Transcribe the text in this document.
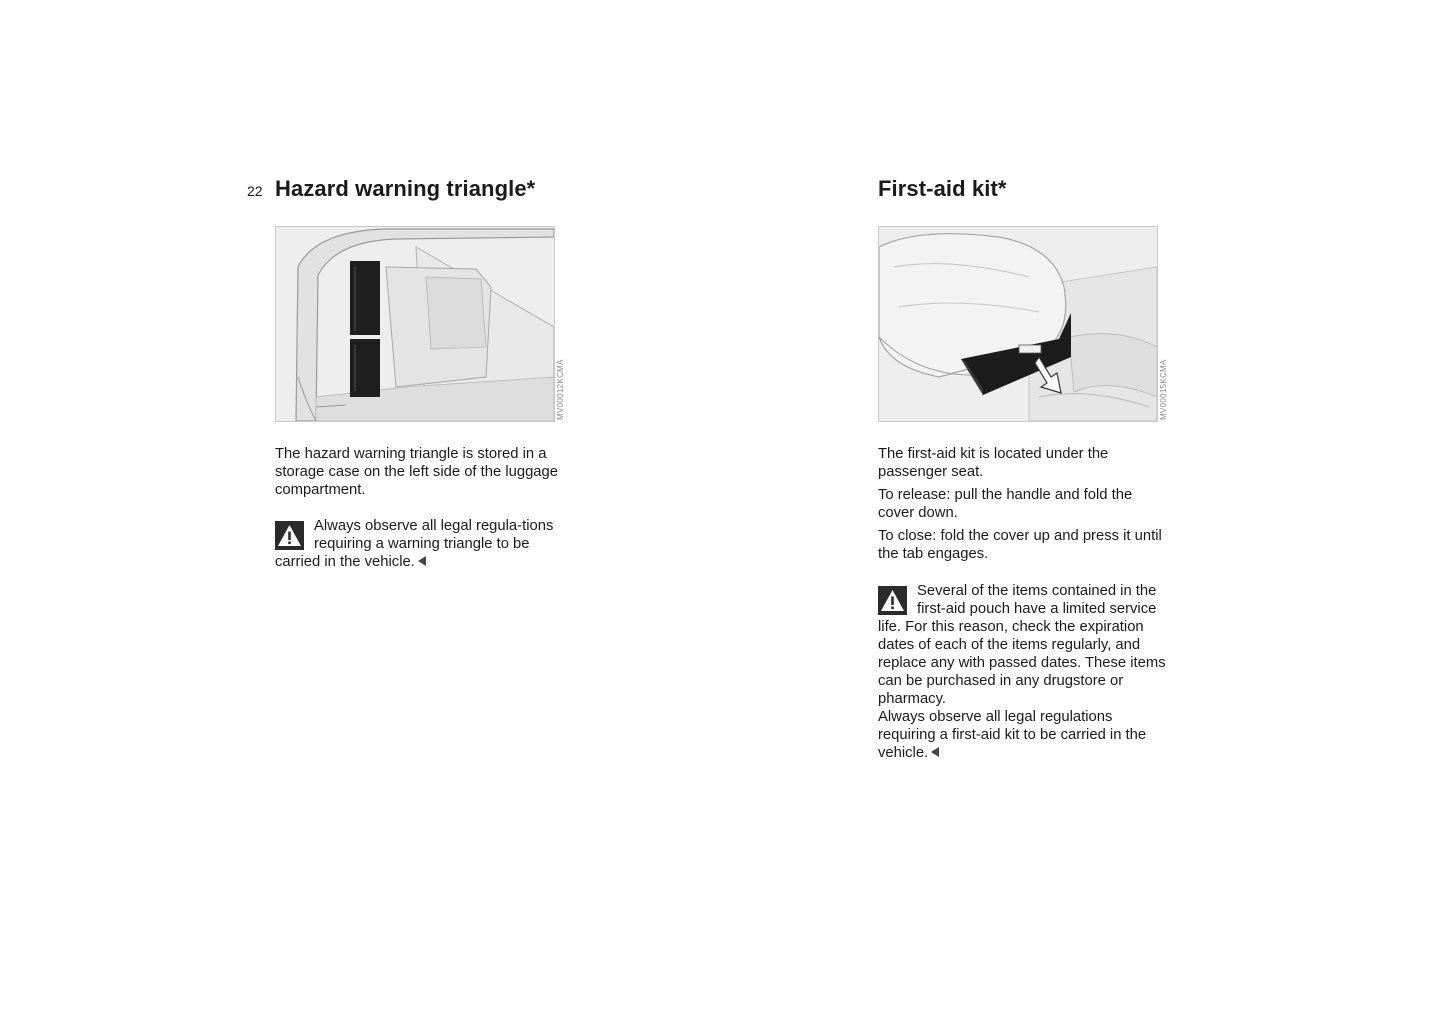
22 Hazard warning triangle*
MV00012KCMA

The hazard warning triangle is stored in a storage case on the left side of the luggage compartment.

Always observe all legal regula-tions requiring a warning triangle to be carried in the vehicle.

First-aid kit*
MV00015KCMA

The first-aid kit is located under the passenger seat.

To release: pull the handle and fold the cover down.

To close: fold the cover up and press it until the tab engages.

Several of the items contained in the first-aid pouch have a limited service life. For this reason, check the expiration dates of each of the items regularly, and replace any with passed dates. These items can be purchased in any drugstore or pharmacy.

Always observe all legal regulations requiring a first-aid kit to be carried in the vehicle.
